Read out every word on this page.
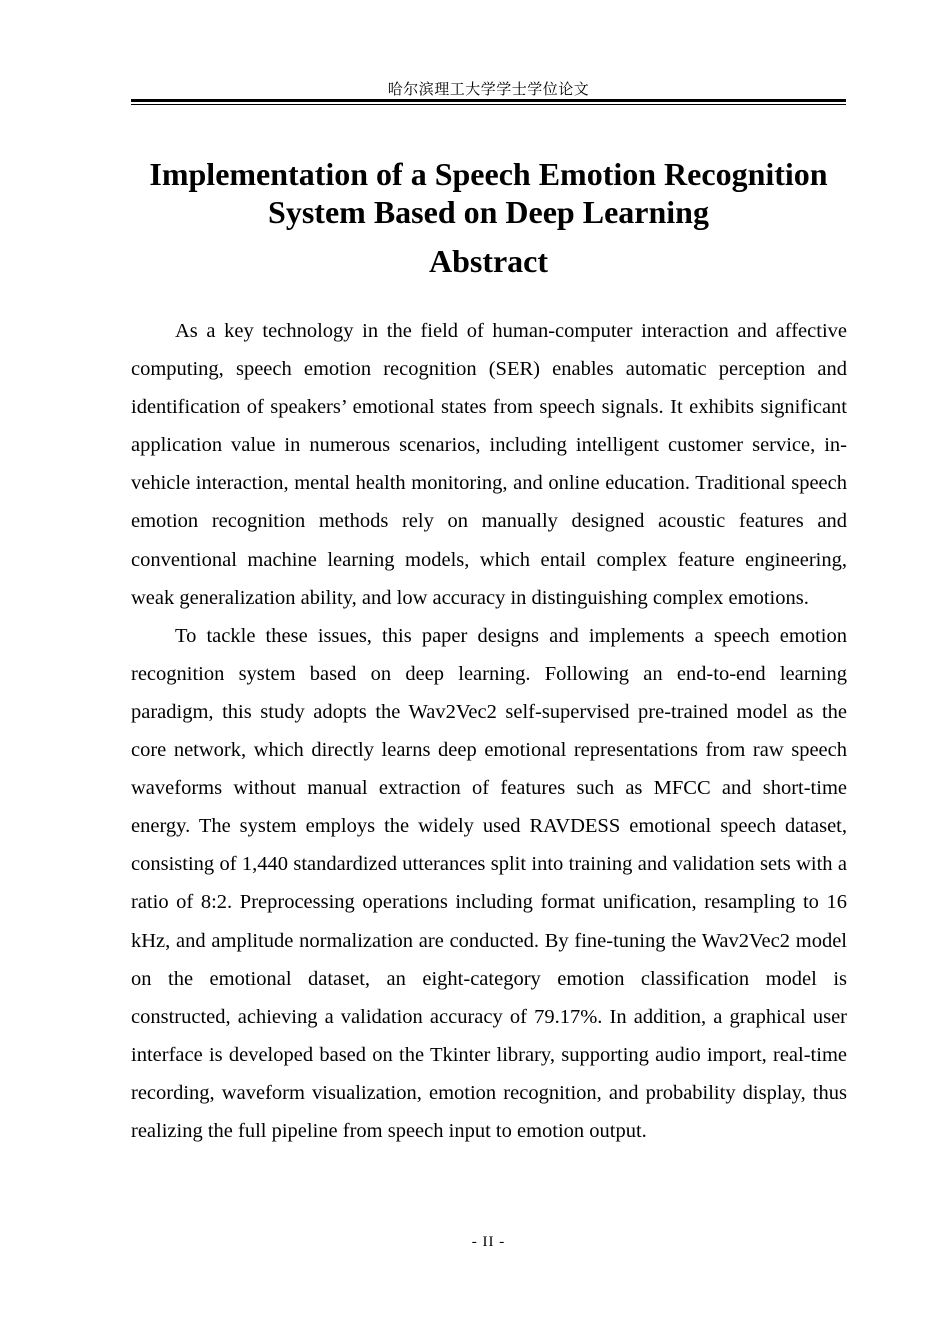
哈尔滨理工大学学士学位论文
Implementation of a Speech Emotion Recognition
System Based on Deep Learning
Abstract

As a key technology in the field of human-computer interaction and affective computing, speech emotion recognition (SER) enables automatic perception and identification of speakers’ emotional states from speech signals. It exhibits significant application value in numerous scenarios, including intelligent customer service, in-vehicle interaction, mental health monitoring, and online education. Traditional speech emotion recognition methods rely on manually designed acoustic features and conventional machine learning models, which entail complex feature engineering, weak generalization ability, and low accuracy in distinguishing complex emotions.

To tackle these issues, this paper designs and implements a speech emotion recognition system based on deep learning. Following an end-to-end learning paradigm, this study adopts the Wav2Vec2 self-supervised pre-trained model as the core network, which directly learns deep emotional representations from raw speech waveforms without manual extraction of features such as MFCC and short-time energy. The system employs the widely used RAVDESS emotional speech dataset, consisting of 1,440 standardized utterances split into training and validation sets with a ratio of 8:2. Preprocessing operations including format unification, resampling to 16 kHz, and amplitude normalization are conducted. By fine-tuning the Wav2Vec2 model on the emotional dataset, an eight-category emotion classification model is constructed, achieving a validation accuracy of 79.17%. In addition, a graphical user interface is developed based on the Tkinter library, supporting audio import, real-time recording, waveform visualization, emotion recognition, and probability display, thus realizing the full pipeline from speech input to emotion output.

- II -
